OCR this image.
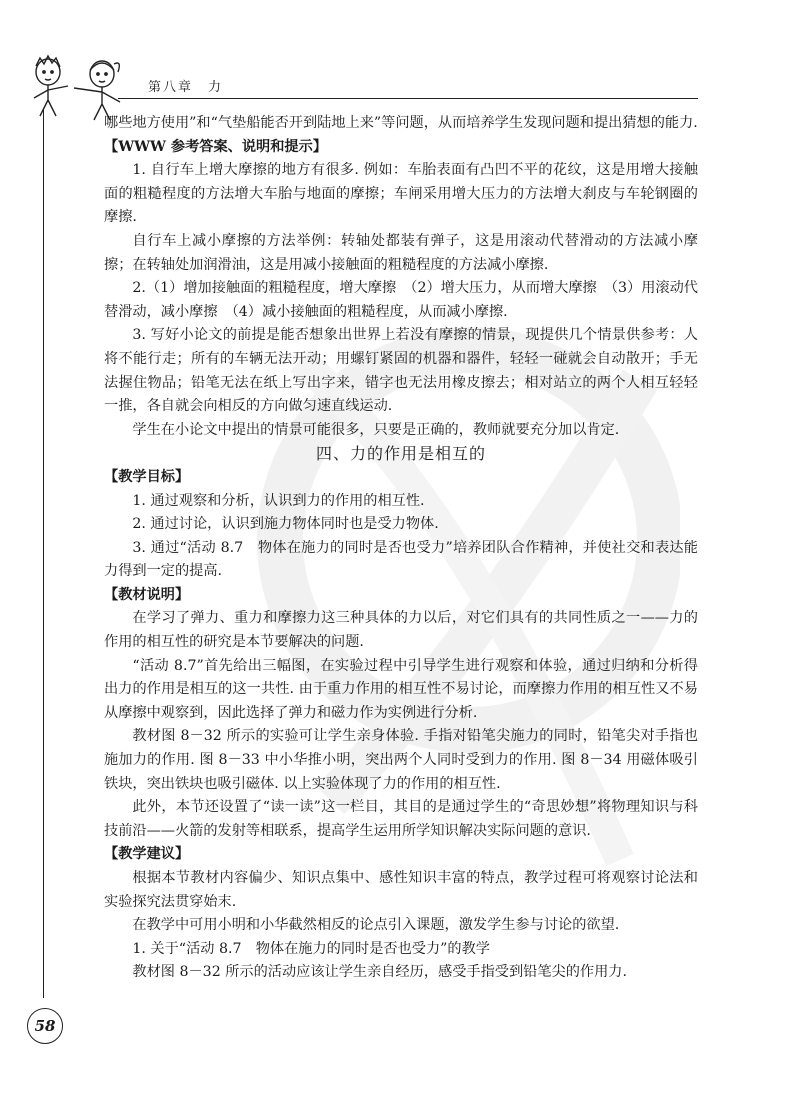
第八章　力

哪些地方使用”和“气垫船能否开到陆地上来”等问题，从而培养学生发现问题和提出猜想的能力.

【WWW 参考答案、说明和提示】

1. 自行车上增大摩擦的地方有很多. 例如：车胎表面有凸凹不平的花纹，这是用增大接触面的粗糙程度的方法增大车胎与地面的摩擦；车闸采用增大压力的方法增大刹皮与车轮钢圈的摩擦.

自行车上减小摩擦的方法举例：转轴处都装有弹子，这是用滚动代替滑动的方法减小摩擦；在转轴处加润滑油，这是用减小接触面的粗糙程度的方法减小摩擦.

2.（1）增加接触面的粗糙程度，增大摩擦　（2）增大压力，从而增大摩擦　（3）用滚动代替滑动，减小摩擦　（4）减小接触面的粗糙程度，从而减小摩擦.

3. 写好小论文的前提是能否想象出世界上若没有摩擦的情景，现提供几个情景供参考：人将不能行走；所有的车辆无法开动；用螺钉紧固的机器和器件，轻轻一碰就会自动散开；手无法握住物品；铅笔无法在纸上写出字来，错字也无法用橡皮擦去；相对站立的两个人相互轻轻一推，各自就会向相反的方向做匀速直线运动.

学生在小论文中提出的情景可能很多，只要是正确的，教师就要充分加以肯定.

四、力的作用是相互的

【教学目标】

1. 通过观察和分析，认识到力的作用的相互性.

2. 通过讨论，认识到施力物体同时也是受力物体.

3. 通过“活动 8.7　物体在施力的同时是否也受力”培养团队合作精神，并使社交和表达能力得到一定的提高.

【教材说明】

在学习了弹力、重力和摩擦力这三种具体的力以后，对它们具有的共同性质之一——力的作用的相互性的研究是本节要解决的问题.

“活动 8.7”首先给出三幅图，在实验过程中引导学生进行观察和体验，通过归纳和分析得出力的作用是相互的这一共性. 由于重力作用的相互性不易讨论，而摩擦力作用的相互性又不易从摩擦中观察到，因此选择了弹力和磁力作为实例进行分析.

教材图 8－32 所示的实验可让学生亲身体验. 手指对铅笔尖施力的同时，铅笔尖对手指也施加力的作用. 图 8－33 中小华推小明，突出两个人同时受到力的作用. 图 8－34 用磁体吸引铁块，突出铁块也吸引磁体. 以上实验体现了力的作用的相互性.

此外，本节还设置了“读一读”这一栏目，其目的是通过学生的“奇思妙想”将物理知识与科技前沿——火箭的发射等相联系，提高学生运用所学知识解决实际问题的意识.

【教学建议】

根据本节教材内容偏少、知识点集中、感性知识丰富的特点，教学过程可将观察讨论法和实验探究法贯穿始末.

在教学中可用小明和小华截然相反的论点引入课题，激发学生参与讨论的欲望.

1. 关于“活动 8.7　物体在施力的同时是否也受力”的教学

教材图 8－32 所示的活动应该让学生亲自经历，感受手指受到铅笔尖的作用力.

58
